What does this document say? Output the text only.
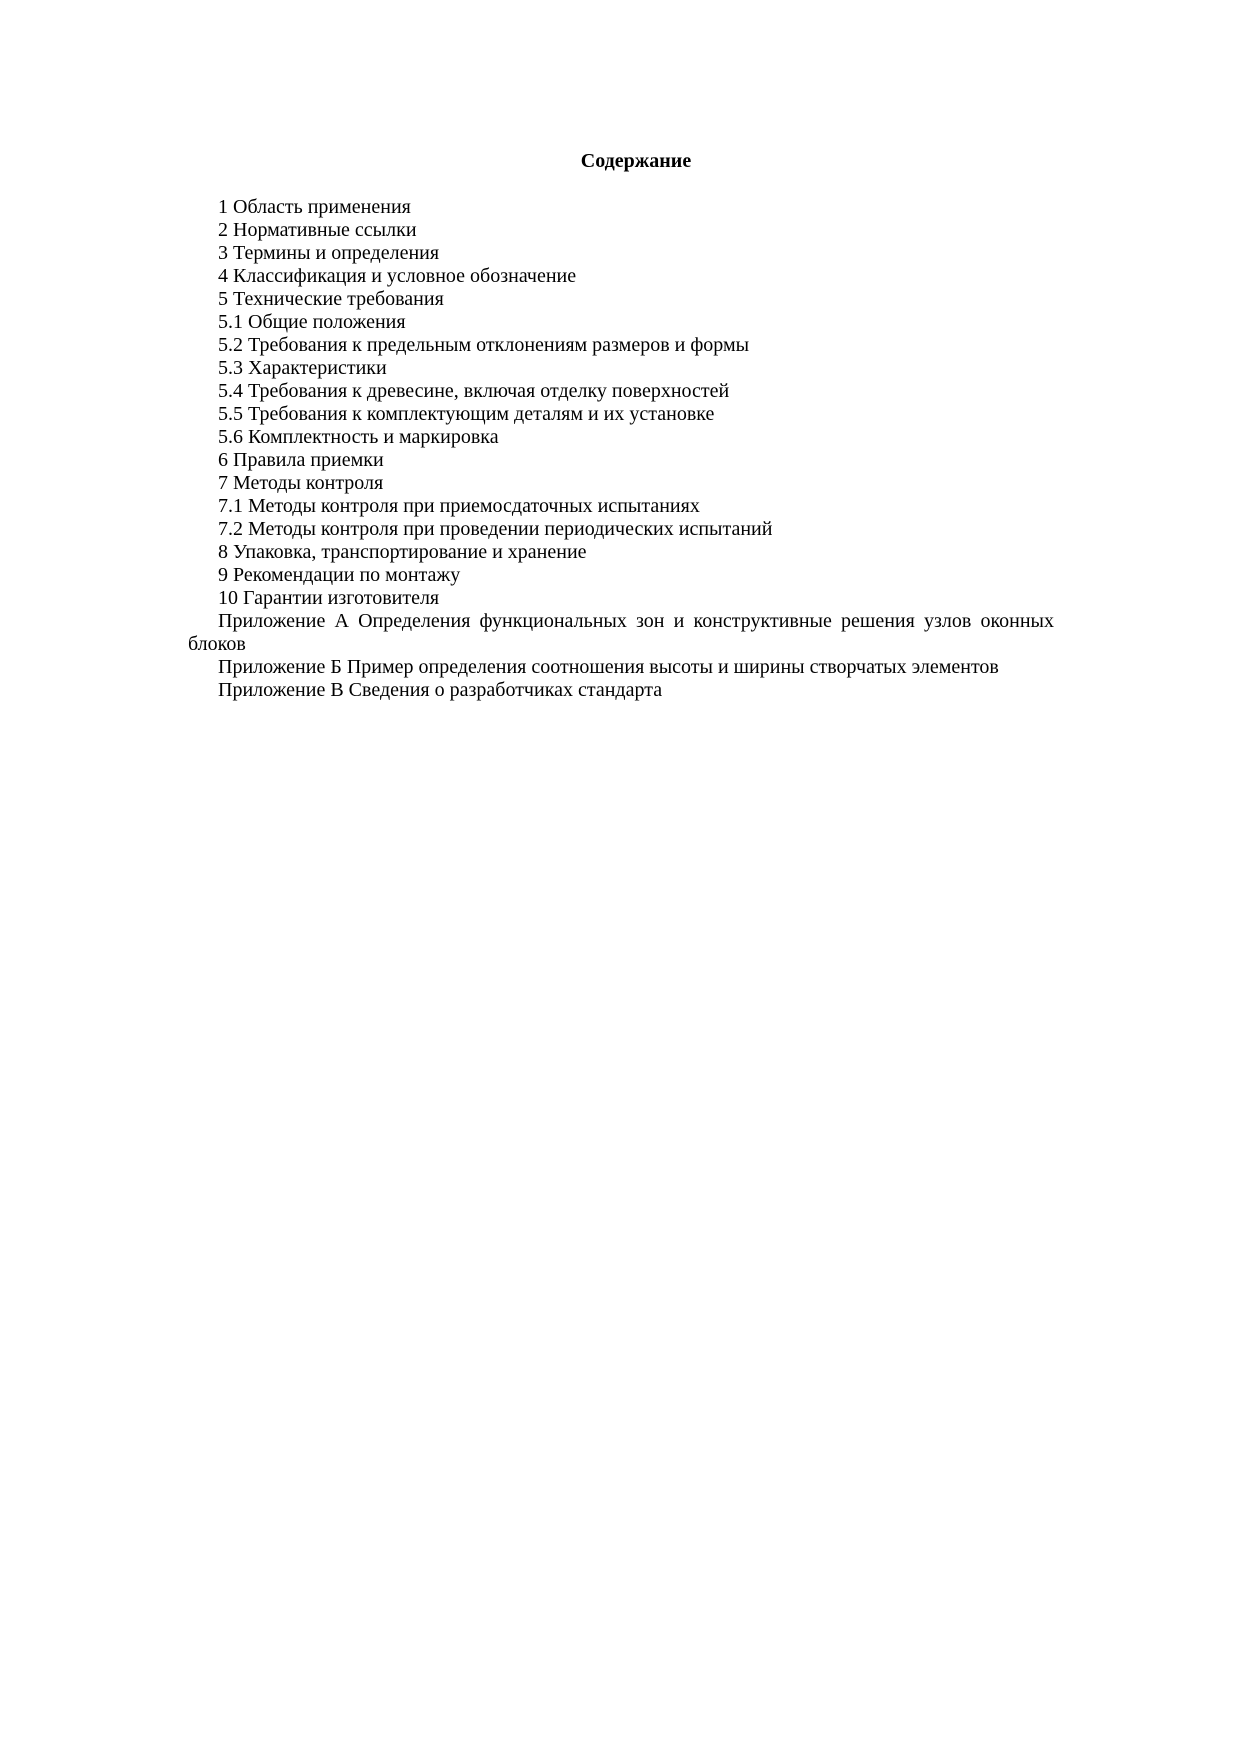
Содержание
1 Область применения
2 Нормативные ссылки
3 Термины и определения
4 Классификация и условное обозначение
5 Технические требования
5.1 Общие положения
5.2 Требования к предельным отклонениям размеров и формы
5.3 Характеристики
5.4 Требования к древесине, включая отделку поверхностей
5.5 Требования к комплектующим деталям и их установке
5.6 Комплектность и маркировка
6 Правила приемки
7 Методы контроля
7.1 Методы контроля при приемосдаточных испытаниях
7.2 Методы контроля при проведении периодических испытаний
8 Упаковка, транспортирование и хранение
9 Рекомендации по монтажу
10 Гарантии изготовителя
Приложение А Определения функциональных зон и конструктивные решения узлов оконных блоков
Приложение Б Пример определения соотношения высоты и ширины створчатых элементов
Приложение В Сведения о разработчиках стандарта
